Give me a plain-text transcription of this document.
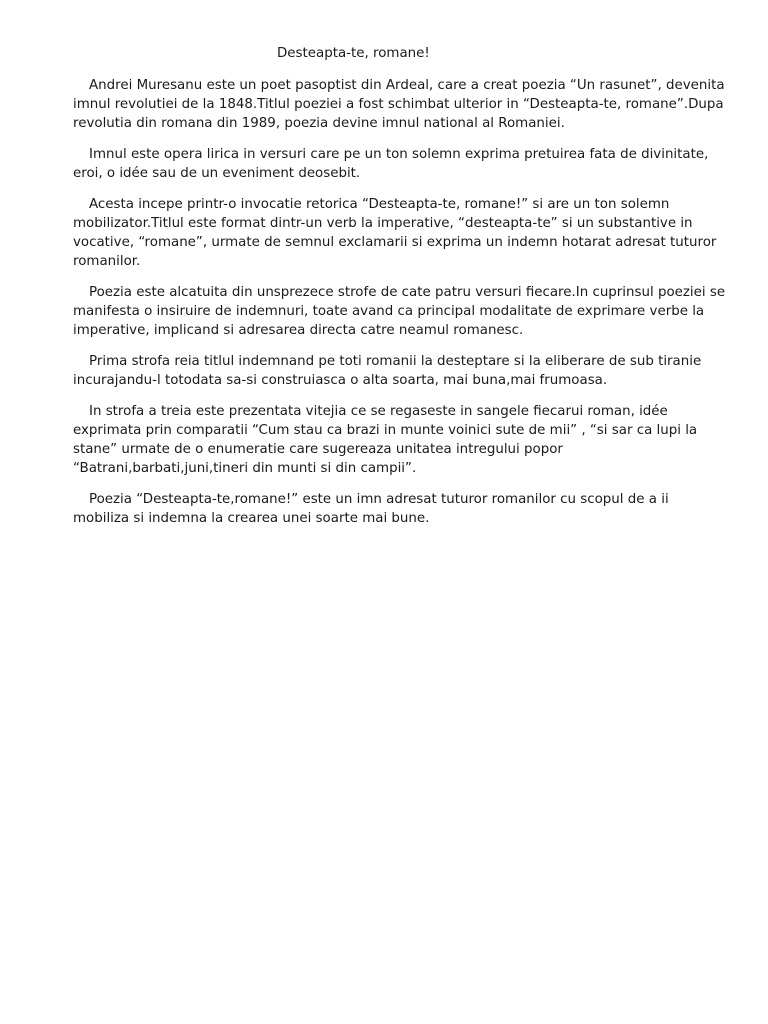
Desteapta-te, romane!

Andrei Muresanu este un poet pasoptist din Ardeal, care a creat poezia “Un rasunet”, devenita imnul revolutiei de la 1848.Titlul poeziei a fost schimbat ulterior in “Desteapta-te, romane”.Dupa revolutia din romana din 1989, poezia devine imnul national al Romaniei.

Imnul este opera lirica in versuri care pe un ton solemn exprima pretuirea fata de divinitate, eroi, o idée sau de un eveniment deosebit.

Acesta incepe printr-o invocatie retorica “Desteapta-te, romane!” si are un ton solemn mobilizator.Titlul este format dintr-un verb la imperative, “desteapta-te” si un substantive in vocative, “romane”, urmate de semnul exclamarii si exprima un indemn hotarat adresat tuturor romanilor.

Poezia este alcatuita din unsprezece strofe de cate patru versuri fiecare.In cuprinsul poeziei se manifesta o insiruire de indemnuri, toate avand ca principal modalitate de exprimare verbe la imperative, implicand si adresarea directa catre neamul romanesc.

Prima strofa reia titlul indemnand pe toti romanii la desteptare si la eliberare de sub tiranie incurajandu-l totodata sa-si construiasca o alta soarta, mai buna,mai frumoasa.

In strofa a treia este prezentata vitejia ce se regaseste in sangele fiecarui roman, idée exprimata prin comparatii “Cum stau ca brazi in munte voinici sute de mii” , “si sar ca lupi la stane” urmate de o enumeratie care sugereaza unitatea intregului popor “Batrani,barbati,juni,tineri din munti si din campii”.

Poezia “Desteapta-te,romane!” este un imn adresat tuturor romanilor cu scopul de a ii mobiliza si indemna la crearea unei soarte mai bune.
